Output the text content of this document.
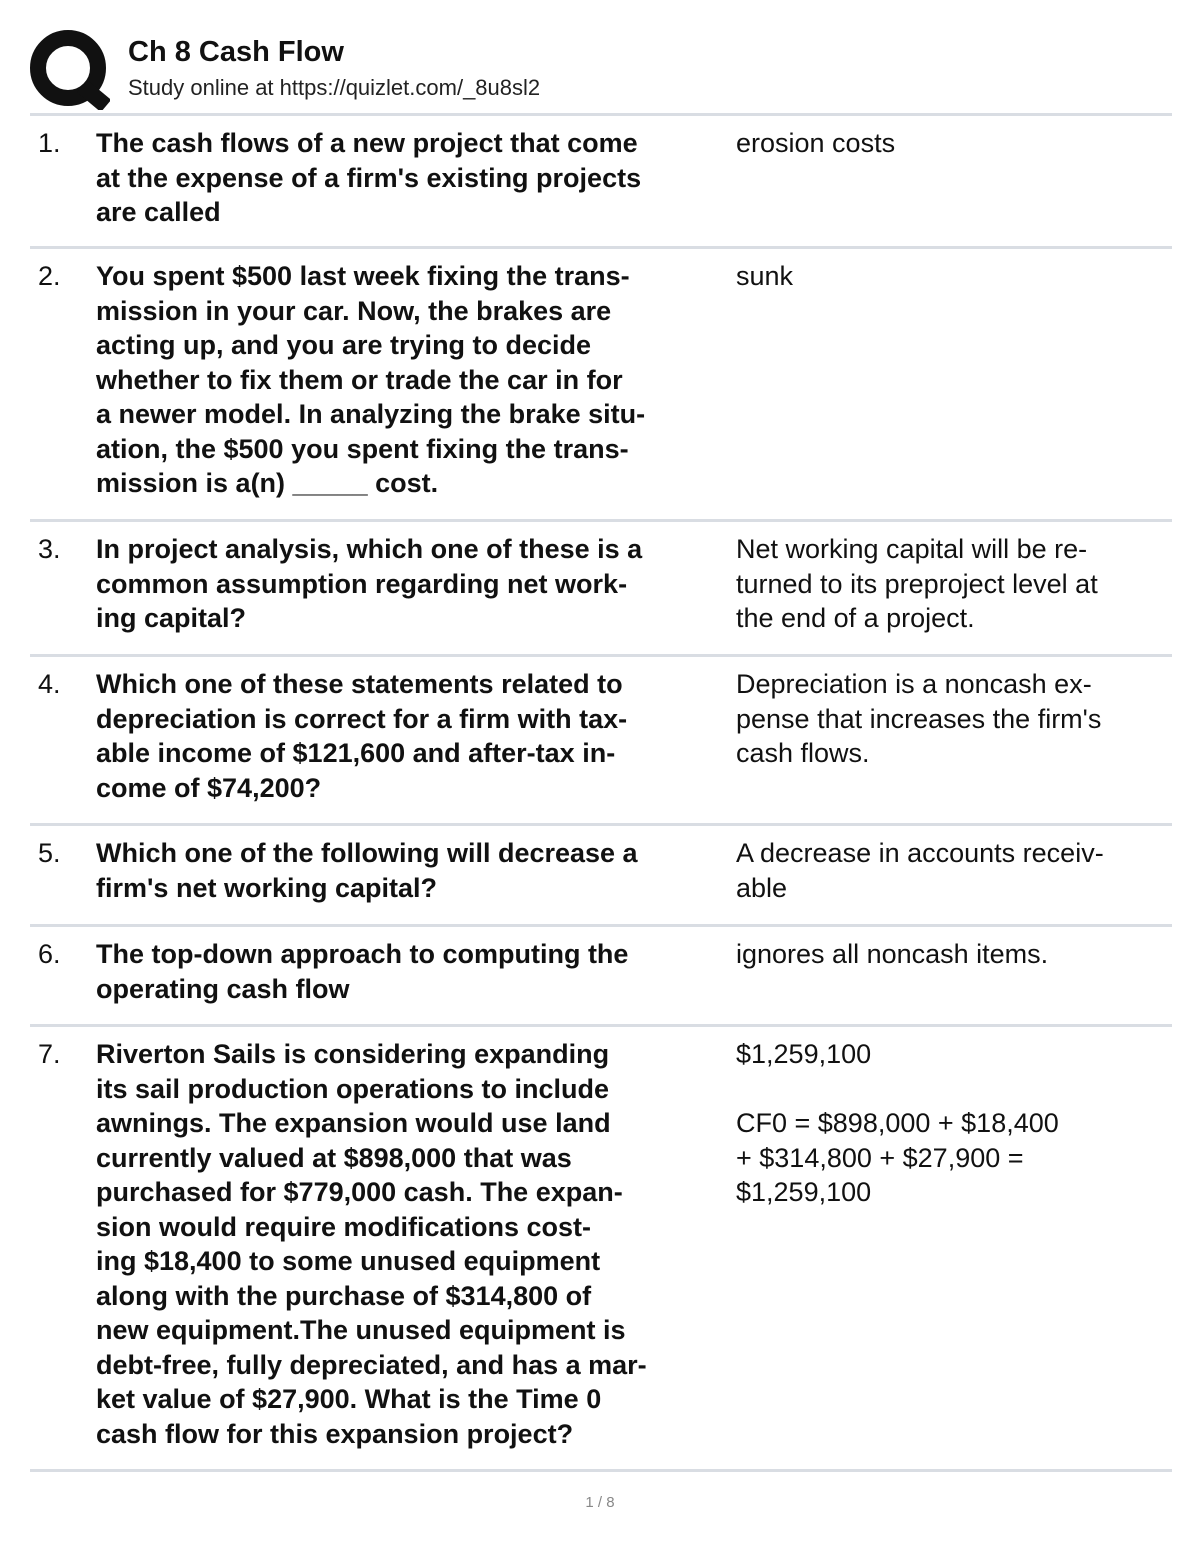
Ch 8 Cash Flow
Study online at https://quizlet.com/_8u8sl2
1. The cash flows of a new project that come
at the expense of a firm's existing projects
are called
erosion costs
2. You spent $500 last week fixing the trans-
mission in your car. Now, the brakes are
acting up, and you are trying to decide
whether to fix them or trade the car in for
a newer model. In analyzing the brake situ-
ation, the $500 you spent fixing the trans-
mission is a(n) _____ cost.
sunk
3. In project analysis, which one of these is a
common assumption regarding net work-
ing capital?
Net working capital will be re-
turned to its preproject level at
the end of a project.
4. Which one of these statements related to
depreciation is correct for a firm with tax-
able income of $121,600 and after-tax in-
come of $74,200?
Depreciation is a noncash ex-
pense that increases the firm's
cash flows.
5. Which one of the following will decrease a
firm's net working capital?
A decrease in accounts receiv-
able
6. The top-down approach to computing the
operating cash flow
ignores all noncash items.
7. Riverton Sails is considering expanding
its sail production operations to include
awnings. The expansion would use land
currently valued at $898,000 that was
purchased for $779,000 cash. The expan-
sion would require modifications cost-
ing $18,400 to some unused equipment
along with the purchase of $314,800 of
new equipment.The unused equipment is
debt-free, fully depreciated, and has a mar-
ket value of $27,900. What is the Time 0
cash flow for this expansion project?
$1,259,100
CF0 = $898,000 + $18,400
+ $314,800 + $27,900 =
$1,259,100
1 / 8
